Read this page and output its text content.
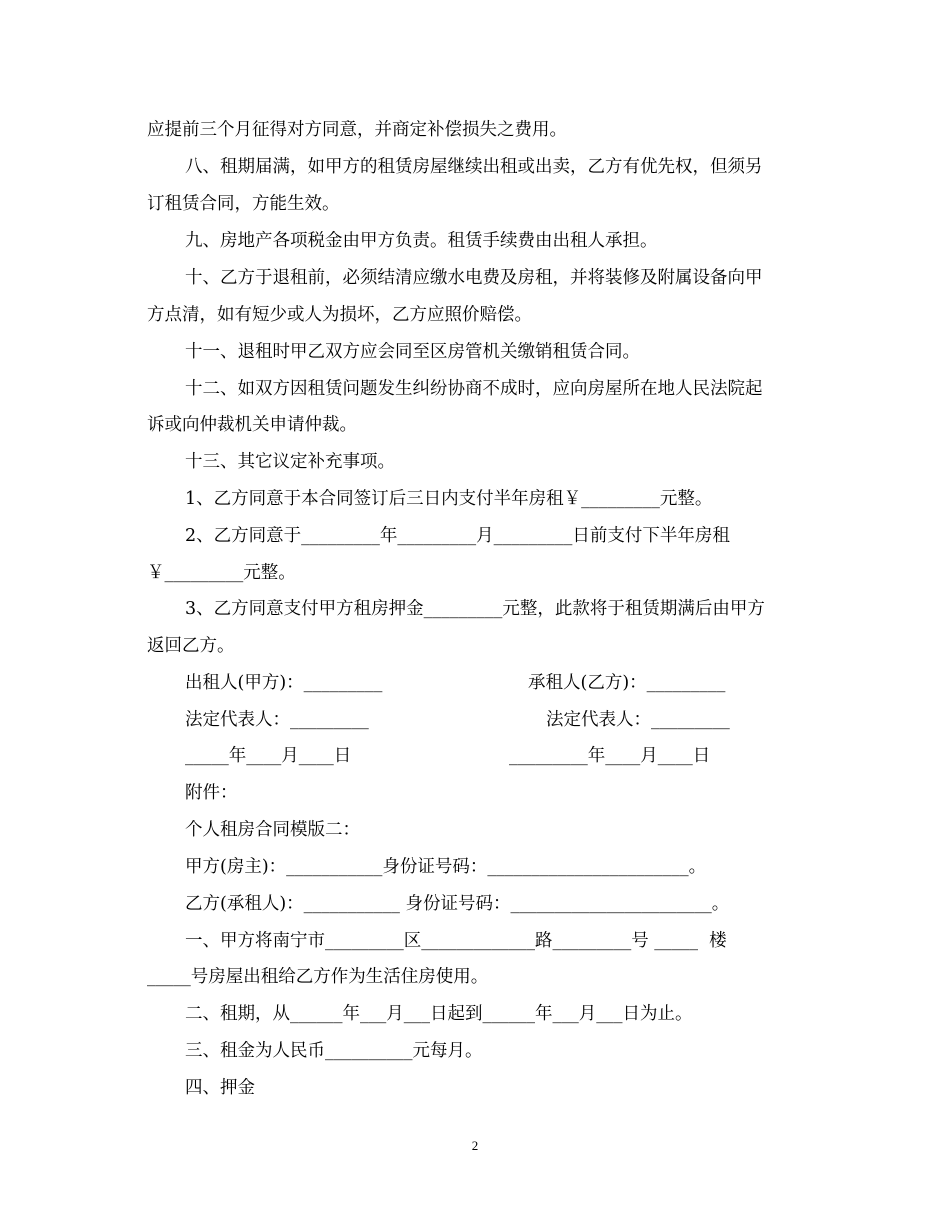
应提前三个月征得对方同意，并商定补偿损失之费用。
八、租期届满，如甲方的租赁房屋继续出租或出卖，乙方有优先权，但须另
订租赁合同，方能生效。
九、房地产各项税金由甲方负责。租赁手续费由出租人承担。
十、乙方于退租前，必须结清应缴水电费及房租，并将装修及附属设备向甲
方点清，如有短少或人为损坏，乙方应照价赔偿。
十一、退租时甲乙双方应会同至区房管机关缴销租赁合同。
十二、如双方因租赁问题发生纠纷协商不成时，应向房屋所在地人民法院起
诉或向仲裁机关申请仲裁。
十三、其它议定补充事项。
1、乙方同意于本合同签订后三日内支付半年房租￥_________元整。
2、乙方同意于_________年_________月_________日前支付下半年房租
￥_________元整。
3、乙方同意支付甲方租房押金_________元整，此款将于租赁期满后由甲方
返回乙方。
出租人(甲方)：_________	承租人(乙方)：_________
法定代表人：_________	法定代表人：_________
_____年____月____日	_________年____月____日
附件：
个人租房合同模版二：
甲方(房主)：___________身份证号码：_______________________。
乙方(承租人)：___________ 身份证号码：_______________________。
一、甲方将南宁市_________区_____________路_________号 _____  楼
_____号房屋出租给乙方作为生活住房使用。
二、租期，从______年___月___日起到______年___月___日为止。
三、租金为人民币__________元每月。
四、押金
2
